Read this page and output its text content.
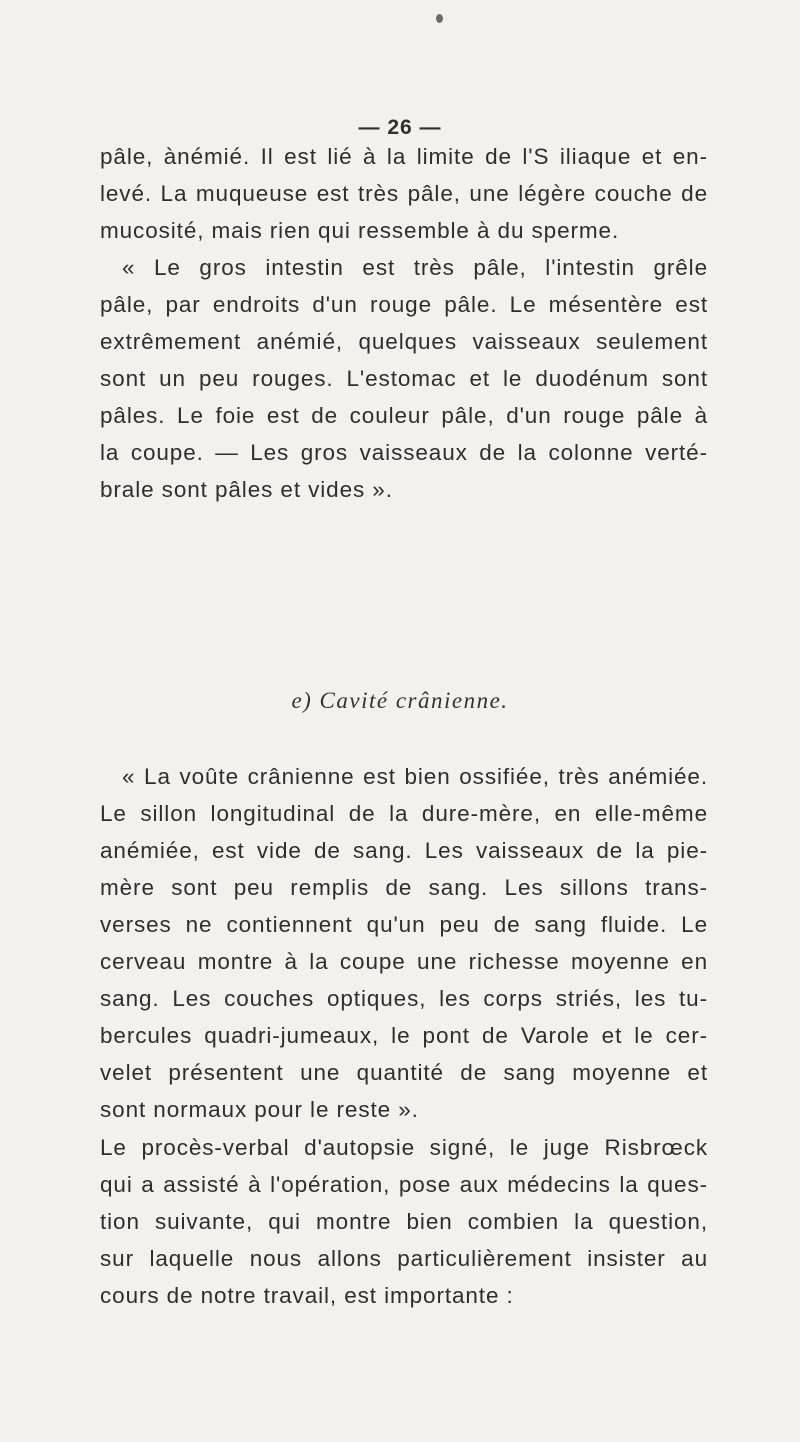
— 26 —
pâle, ànémié. Il est lié à la limite de l'S iliaque et en-
levé. La muqueuse est très pâle, une légère couche de
mucosité, mais rien qui ressemble à du sperme.
« Le gros intestin est très pâle, l'intestin grêle
pâle, par endroits d'un rouge pâle. Le mésentère est
extrêmement anémié, quelques vaisseaux seulement
sont un peu rouges. L'estomac et le duodénum sont
pâles. Le foie est de couleur pâle, d'un rouge pâle à
la coupe. — Les gros vaisseaux de la colonne verté-
brale sont pâles et vides ».
e) Cavité crânienne.
« La voûte crânienne est bien ossifiée, très anémiée.
Le sillon longitudinal de la dure-mère, en elle-même
anémiée, est vide de sang. Les vaisseaux de la pie-
mère sont peu remplis de sang. Les sillons trans-
verses ne contiennent qu'un peu de sang fluide. Le
cerveau montre à la coupe une richesse moyenne en
sang. Les couches optiques, les corps striés, les tu-
bercules quadri-jumeaux, le pont de Varole et le cer-
velet présentent une quantité de sang moyenne et
sont normaux pour le reste ».
Le procès-verbal d'autopsie signé, le juge Risbrœck
qui a assisté à l'opération, pose aux médecins la ques-
tion suivante, qui montre bien combien la question,
sur laquelle nous allons particulièrement insister au
cours de notre travail, est importante :
